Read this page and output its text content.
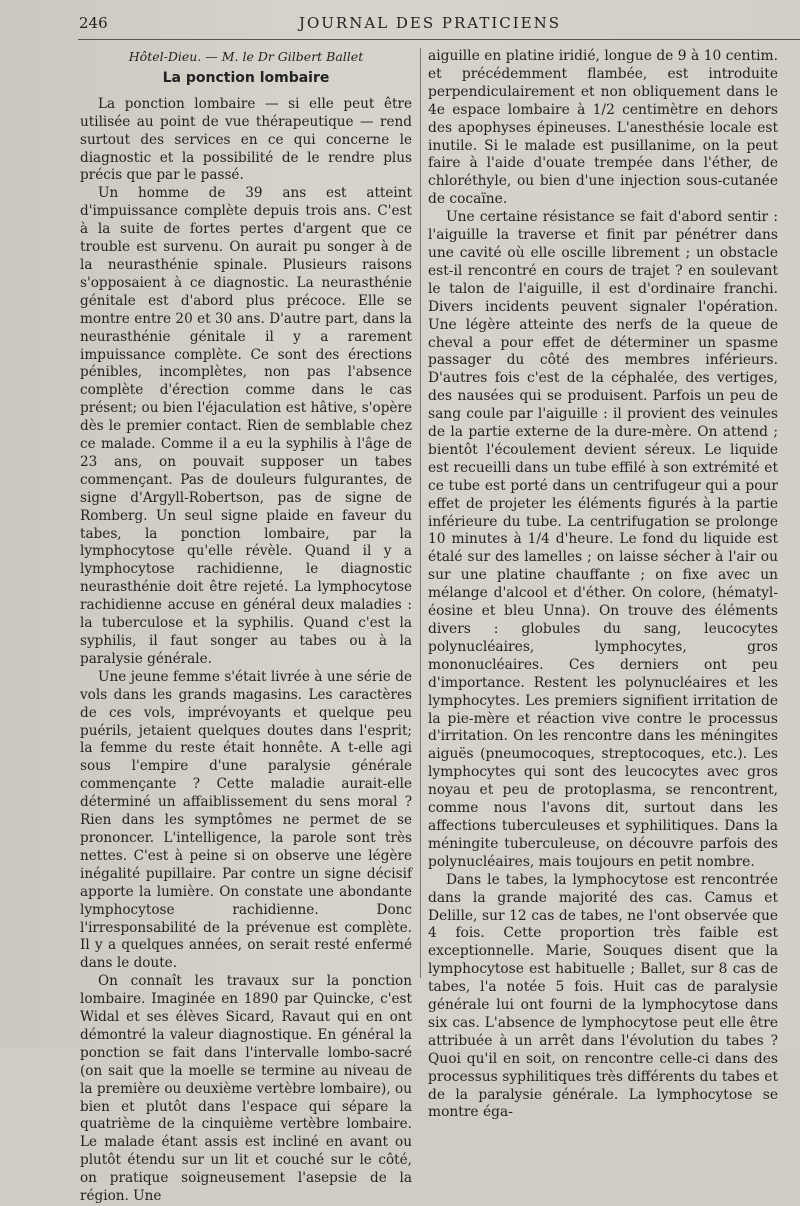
246	JOURNAL DES PRATICIENS
Hôtel-Dieu. — M. le Dr Gilbert Ballet
La ponction lombaire

La ponction lombaire — si elle peut être utilisée au point de vue thérapeutique — rend surtout des services en ce qui concerne le diagnostic et la possibilité de le rendre plus précis que par le passé.

Un homme de 39 ans est atteint d'impuissance complète depuis trois ans. C'est à la suite de fortes pertes d'argent que ce trouble est survenu. On aurait pu songer à de la neurasthénie spinale. Plusieurs raisons s'opposaient à ce diagnostic. La neurasthénie génitale est d'abord plus précoce. Elle se montre entre 20 et 30 ans. D'autre part, dans la neurasthénie génitale il y a rarement impuissance complète. Ce sont des érections pénibles, incomplètes, non pas l'absence complète d'érection comme dans le cas présent; ou bien l'éjaculation est hâtive, s'opère dès le premier contact. Rien de semblable chez ce malade. Comme il a eu la syphilis à l'âge de 23 ans, on pouvait supposer un tabes commençant. Pas de douleurs fulgurantes, de signe d'Argyll-Robertson, pas de signe de Romberg. Un seul signe plaide en faveur du tabes, la ponction lombaire, par la lymphocytose qu'elle révèle. Quand il y a lymphocytose rachidienne, le diagnostic neurasthénie doit être rejeté. La lymphocytose rachidienne accuse en général deux maladies : la tuberculose et la syphilis. Quand c'est la syphilis, il faut songer au tabes ou à la paralysie générale.

Une jeune femme s'était livrée à une série de vols dans les grands magasins. Les caractères de ces vols, imprévoyants et quelque peu puérils, jetaient quelques doutes dans l'esprit; la femme du reste était honnête. A t-elle agi sous l'empire d'une paralysie générale commençante ? Cette maladie aurait-elle déterminé un affaiblissement du sens moral ? Rien dans les symptômes ne permet de se prononcer. L'intelligence, la parole sont très nettes. C'est à peine si on observe une légère inégalité pupillaire. Par contre un signe décisif apporte la lumière. On constate une abondante lymphocytose rachidienne. Donc l'irresponsabilité de la prévenue est complète. Il y a quelques années, on serait resté enfermé dans le doute.

On connaît les travaux sur la ponction lombaire. Imaginée en 1890 par Quincke, c'est Widal et ses élèves Sicard, Ravaut qui en ont démontré la valeur diagnostique. En général la ponction se fait dans l'intervalle lombo-sacré (on sait que la moelle se termine au niveau de la première ou deuxième vertèbre lombaire), ou bien et plutôt dans l'espace qui sépare la quatrième de la cinquième vertèbre lombaire. Le malade étant assis est incliné en avant ou plutôt étendu sur un lit et couché sur le côté, on pratique soigneusement l'asepsie de la région. Une

aiguille en platine iridié, longue de 9 à 10 centim. et précédemment flambée, est introduite perpendiculairement et non obliquement dans le 4e espace lombaire à 1/2 centimètre en dehors des apophyses épineuses. L'anesthésie locale est inutile. Si le malade est pusillanime, on la peut faire à l'aide d'ouate trempée dans l'éther, de chloréthyle, ou bien d'une injection sous-cutanée de cocaïne.

Une certaine résistance se fait d'abord sentir : l'aiguille la traverse et finit par pénétrer dans une cavité où elle oscille librement ; un obstacle est-il rencontré en cours de trajet ? en soulevant le talon de l'aiguille, il est d'ordinaire franchi. Divers incidents peuvent signaler l'opération. Une légère atteinte des nerfs de la queue de cheval a pour effet de déterminer un spasme passager du côté des membres inférieurs. D'autres fois c'est de la céphalée, des vertiges, des nausées qui se produisent. Parfois un peu de sang coule par l'aiguille : il provient des veinules de la partie externe de la dure-mère. On attend ; bientôt l'écoulement devient séreux. Le liquide est recueilli dans un tube effilé à son extrémité et ce tube est porté dans un centrifugeur qui a pour effet de projeter les éléments figurés à la partie inférieure du tube. La centrifugation se prolonge 10 minutes à 1/4 d'heure. Le fond du liquide est étalé sur des lamelles ; on laisse sécher à l'air ou sur une platine chauffante ; on fixe avec un mélange d'alcool et d'éther. On colore, (hématyl-éosine et bleu Unna). On trouve des éléments divers : globules du sang, leucocytes polynucléaires, lymphocytes, gros mononucléaires. Ces derniers ont peu d'importance. Restent les polynucléaires et les lymphocytes. Les premiers signifient irritation de la pie-mère et réaction vive contre le processus d'irritation. On les rencontre dans les méningites aiguës (pneumocoques, streptocoques, etc.). Les lymphocytes qui sont des leucocytes avec gros noyau et peu de protoplasma, se rencontrent, comme nous l'avons dit, surtout dans les affections tuberculeuses et syphilitiques. Dans la méningite tuberculeuse, on découvre parfois des polynucléaires, mais toujours en petit nombre.

Dans le tabes, la lymphocytose est rencontrée dans la grande majorité des cas. Camus et Delille, sur 12 cas de tabes, ne l'ont observée que 4 fois. Cette proportion très faible est exceptionnelle. Marie, Souques disent que la lymphocytose est habituelle ; Ballet, sur 8 cas de tabes, l'a notée 5 fois. Huit cas de paralysie générale lui ont fourni de la lymphocytose dans six cas. L'absence de lymphocytose peut elle être attribuée à un arrêt dans l'évolution du tabes ? Quoi qu'il en soit, on rencontre celle-ci dans des processus syphilitiques très différents du tabes et de la paralysie générale. La lymphocytose se montre éga-
